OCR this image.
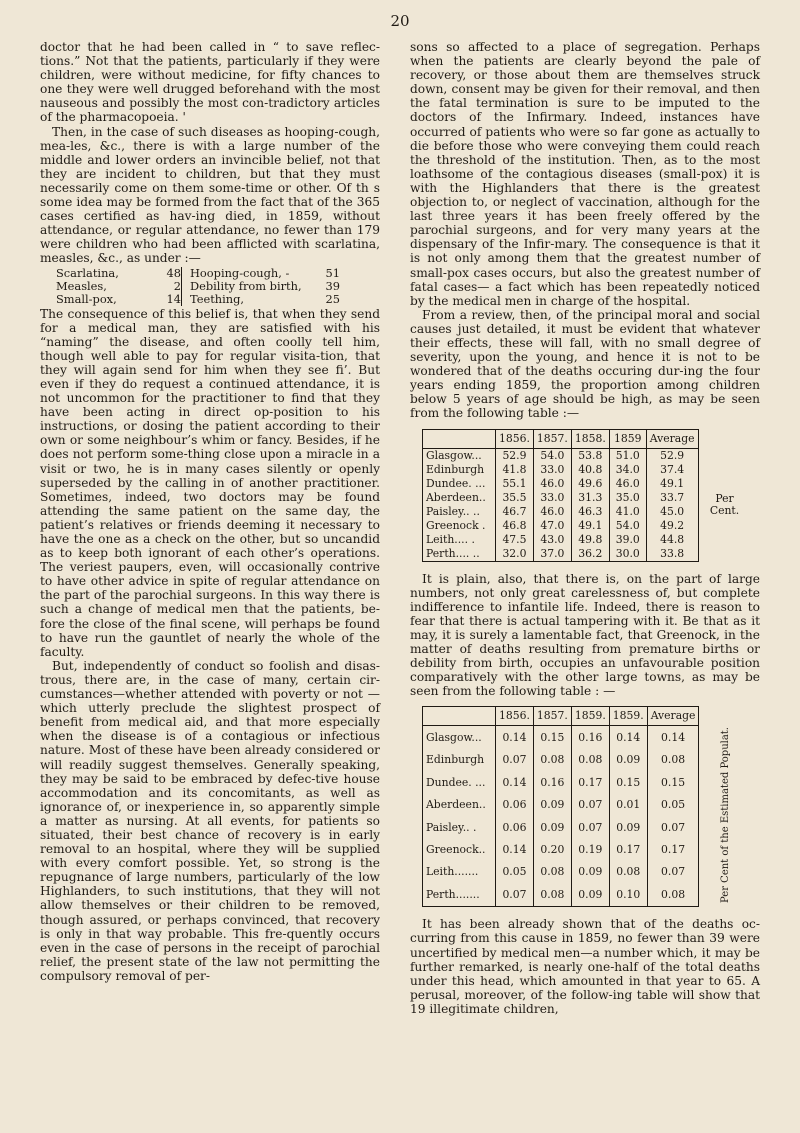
20

doctor that he had been called in “ to save reflec-tions.” Not that the patients, particularly if they were children, were without medicine, for fifty chances to one they were well drugged beforehand with the most nauseous and possibly the most con-tradictory articles of the pharmacopoeia. '

Then, in the case of such diseases as hooping-cough, mea-les, &c., there is with a large number of the middle and lower orders an invincible belief, not that they are incident to children, but that they must necessarily come on them some-time or other. Of th s some idea may be formed from the fact that of the 365 cases certified as hav-ing died, in 1859, without attendance, or regular attendance, no fewer than 179 were children who had been afflicted with scarlatina, measles, &c., as under :—

Scarlatina,	48
Measles,	2
Small-pox,	14
Hooping-cough, -	51
Debility from birth, 39
Teething,	25

The consequence of this belief is, that when they send for a medical man, they are satisfied with his “naming” the disease, and often coolly tell him, though well able to pay for regular visita-tion, that they will again send for him when they see fi’. But even if they do request a continued attendance, it is not uncommon for the practitioner to find that they have been acting in direct op-position to his instructions, or dosing the patient according to their own or some neighbour’s whim or fancy. Besides, if he does not perform some-thing close upon a miracle in a visit or two, he is in many cases silently or openly superseded by the calling in of another practitioner. Sometimes, indeed, two doctors may be found attending the same patient on the same day, the patient’s relatives or friends deeming it necessary to have the one as a check on the other, but so uncandid as to keep both ignorant of each other’s operations. The veriest paupers, even, will occasionally contrive to have other advice in spite of regular attendance on the part of the parochial surgeons. In this way there is such a change of medical men that the patients, be-fore the close of the final scene, will perhaps be found to have run the gauntlet of nearly the whole of the faculty.

But, independently of conduct so foolish and disas-trous, there are, in the case of many, certain cir-cumstances—whether attended with poverty or not —which utterly preclude the slightest prospect of benefit from medical aid, and that more especially when the disease is of a contagious or infectious nature. Most of these have been already considered or will readily suggest themselves. Generally speaking, they may be said to be embraced by defec-tive house accommodation and its concomitants, as well as ignorance of, or inexperience in, so apparently simple a matter as nursing. At all events, for patients so situated, their best chance of recovery is in early removal to an hospital, where they will be supplied with every comfort possible. Yet, so strong is the repugnance of large numbers, particularly of the low Highlanders, to such institutions, that they will not allow themselves or their children to be removed, though assured, or perhaps convinced, that recovery is only in that way probable. This fre-quently occurs even in the case of persons in the receipt of parochial relief, the present state of the law not permitting the compulsory removal of per-

sons so affected to a place of segregation. Perhaps when the patients are clearly beyond the pale of recovery, or those about them are themselves struck down, consent may be given for their removal, and then the fatal termination is sure to be imputed to the doctors of the Infirmary. Indeed, instances have occurred of patients who were so far gone as actually to die before those who were conveying them could reach the threshold of the institution. Then, as to the most loathsome of the contagious diseases (small-pox) it is with the Highlanders that there is the greatest objection to, or neglect of vaccination, although for the last three years it has been freely offered by the parochial surgeons, and for very many years at the dispensary of the Infir-mary. The consequence is that it is not only among them that the greatest number of small-pox cases occurs, but also the greatest number of fatal cases— a fact which has been repeatedly noticed by the medical men in charge of the hospital.

From a review, then, of the principal moral and social causes just detailed, it must be evident that whatever their effects, these will fall, with no small degree of severity, upon the young, and hence it is not to be wondered that of the deaths occuring dur-ing the four years ending 1859, the proportion among children below 5 years of age should be high, as may be seen from the following table :—

	1856.	1857.	1858.	1859	Average	
Glasgow...	52.9	54.0	53.8	51.0	52.9	Per Cent.
Edinburgh	41.8	33.0	40.8	34.0	37.4	
Dundee. ...	55.1	46.0	49.6	46.0	49.1	
Aberdeen..	35.5	33.0	31.3	35.0	33.7	
Paisley.. ..	46.7	46.0	46.3	41.0	45.0	
Greenock .	46.8	47.0	49.1	54.0	49.2	
Leith.... .	47.5	43.0	49.8	39.0	44.8	
Perth.... ..	32.0	37.0	36.2	30.0	33.8	

It is plain, also, that there is, on the part of large numbers, not only great carelessness of, but complete indifference to infantile life. Indeed, there is reason to fear that there is actual tampering with it. Be that as it may, it is surely a lamentable fact, that Greenock, in the matter of deaths resulting from premature births or debility from birth, occupies an unfavourable position comparatively with the other large towns, as may be seen from the following table : —

	1856.	1857.	1859.	1859.	Average	
Glasgow...	0.14	0.15	0.16	0.14	0.14	Per Cent of the Estimated Populat.
Edinburgh	0.07	0.08	0.08	0.09	0.08	
Dundee. ...	0.14	0.16	0.17	0.15	0.15	
Aberdeen..	0.06	0.09	0.07	0.01	0.05	
Paisley.. .	0.06	0.09	0.07	0.09	0.07	
Greenock..	0.14	0.20	0.19	0.17	0.17	
Leith.......	0.05	0.08	0.09	0.08	0.07	
Perth.......	0.07	0.08	0.09	0.10	0.08	

It has been already shown that of the deaths oc-curring from this cause in 1859, no fewer than 39 were uncertified by medical men—a number which, it may be further remarked, is nearly one-half of the total deaths under this head, which amounted in that year to 65. A perusal, moreover, of the follow-ing table will show that 19 illegitimate children,
